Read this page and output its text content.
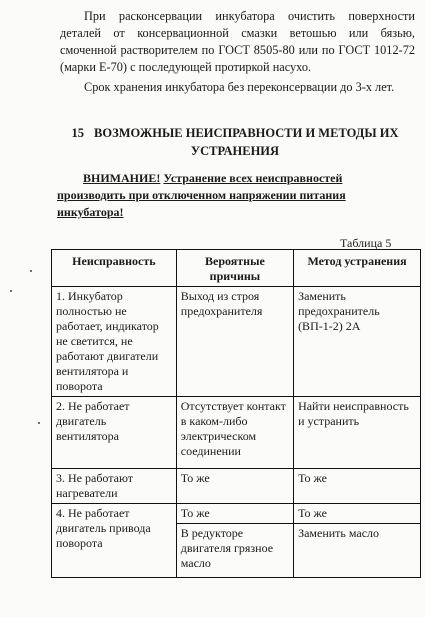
При расконсервации инкубатора очистить поверхности деталей от консервационной смазки ветошью или бязью, смоченной растворителем по ГОСТ 8505-80 или по ГОСТ 1012-72 (марки Е-70) с последующей протиркой насухо.

Срок хранения инкубатора без переконсервации до 3-х лет.

15 ВОЗМОЖНЫЕ НЕИСПРАВНОСТИ И МЕТОДЫ ИХ УСТРАНЕНИЯ
ВНИМАНИЕ! Устранение всех неисправностей
производить при отключенном напряжении питания
инкубатора!
Таблица 5
Неисправность	Вероятные причины	Метод устранения
1. Инкубатор полностью не работает, индикатор не светится, не работают двигатели вентилятора и поворота	Выход из строя предохранителя	Заменить предохранитель (ВП-1-2) 2А
2. Не работает двигатель вентилятора	Отсутствует контакт в каком-либо электрическом соединении	Найти неисправность и устранить
3. Не работают нагреватели	То же	То же
4. Не работает двигатель привода поворота	То же	То же
	В редукторе двигателя грязное масло	Заменить масло
